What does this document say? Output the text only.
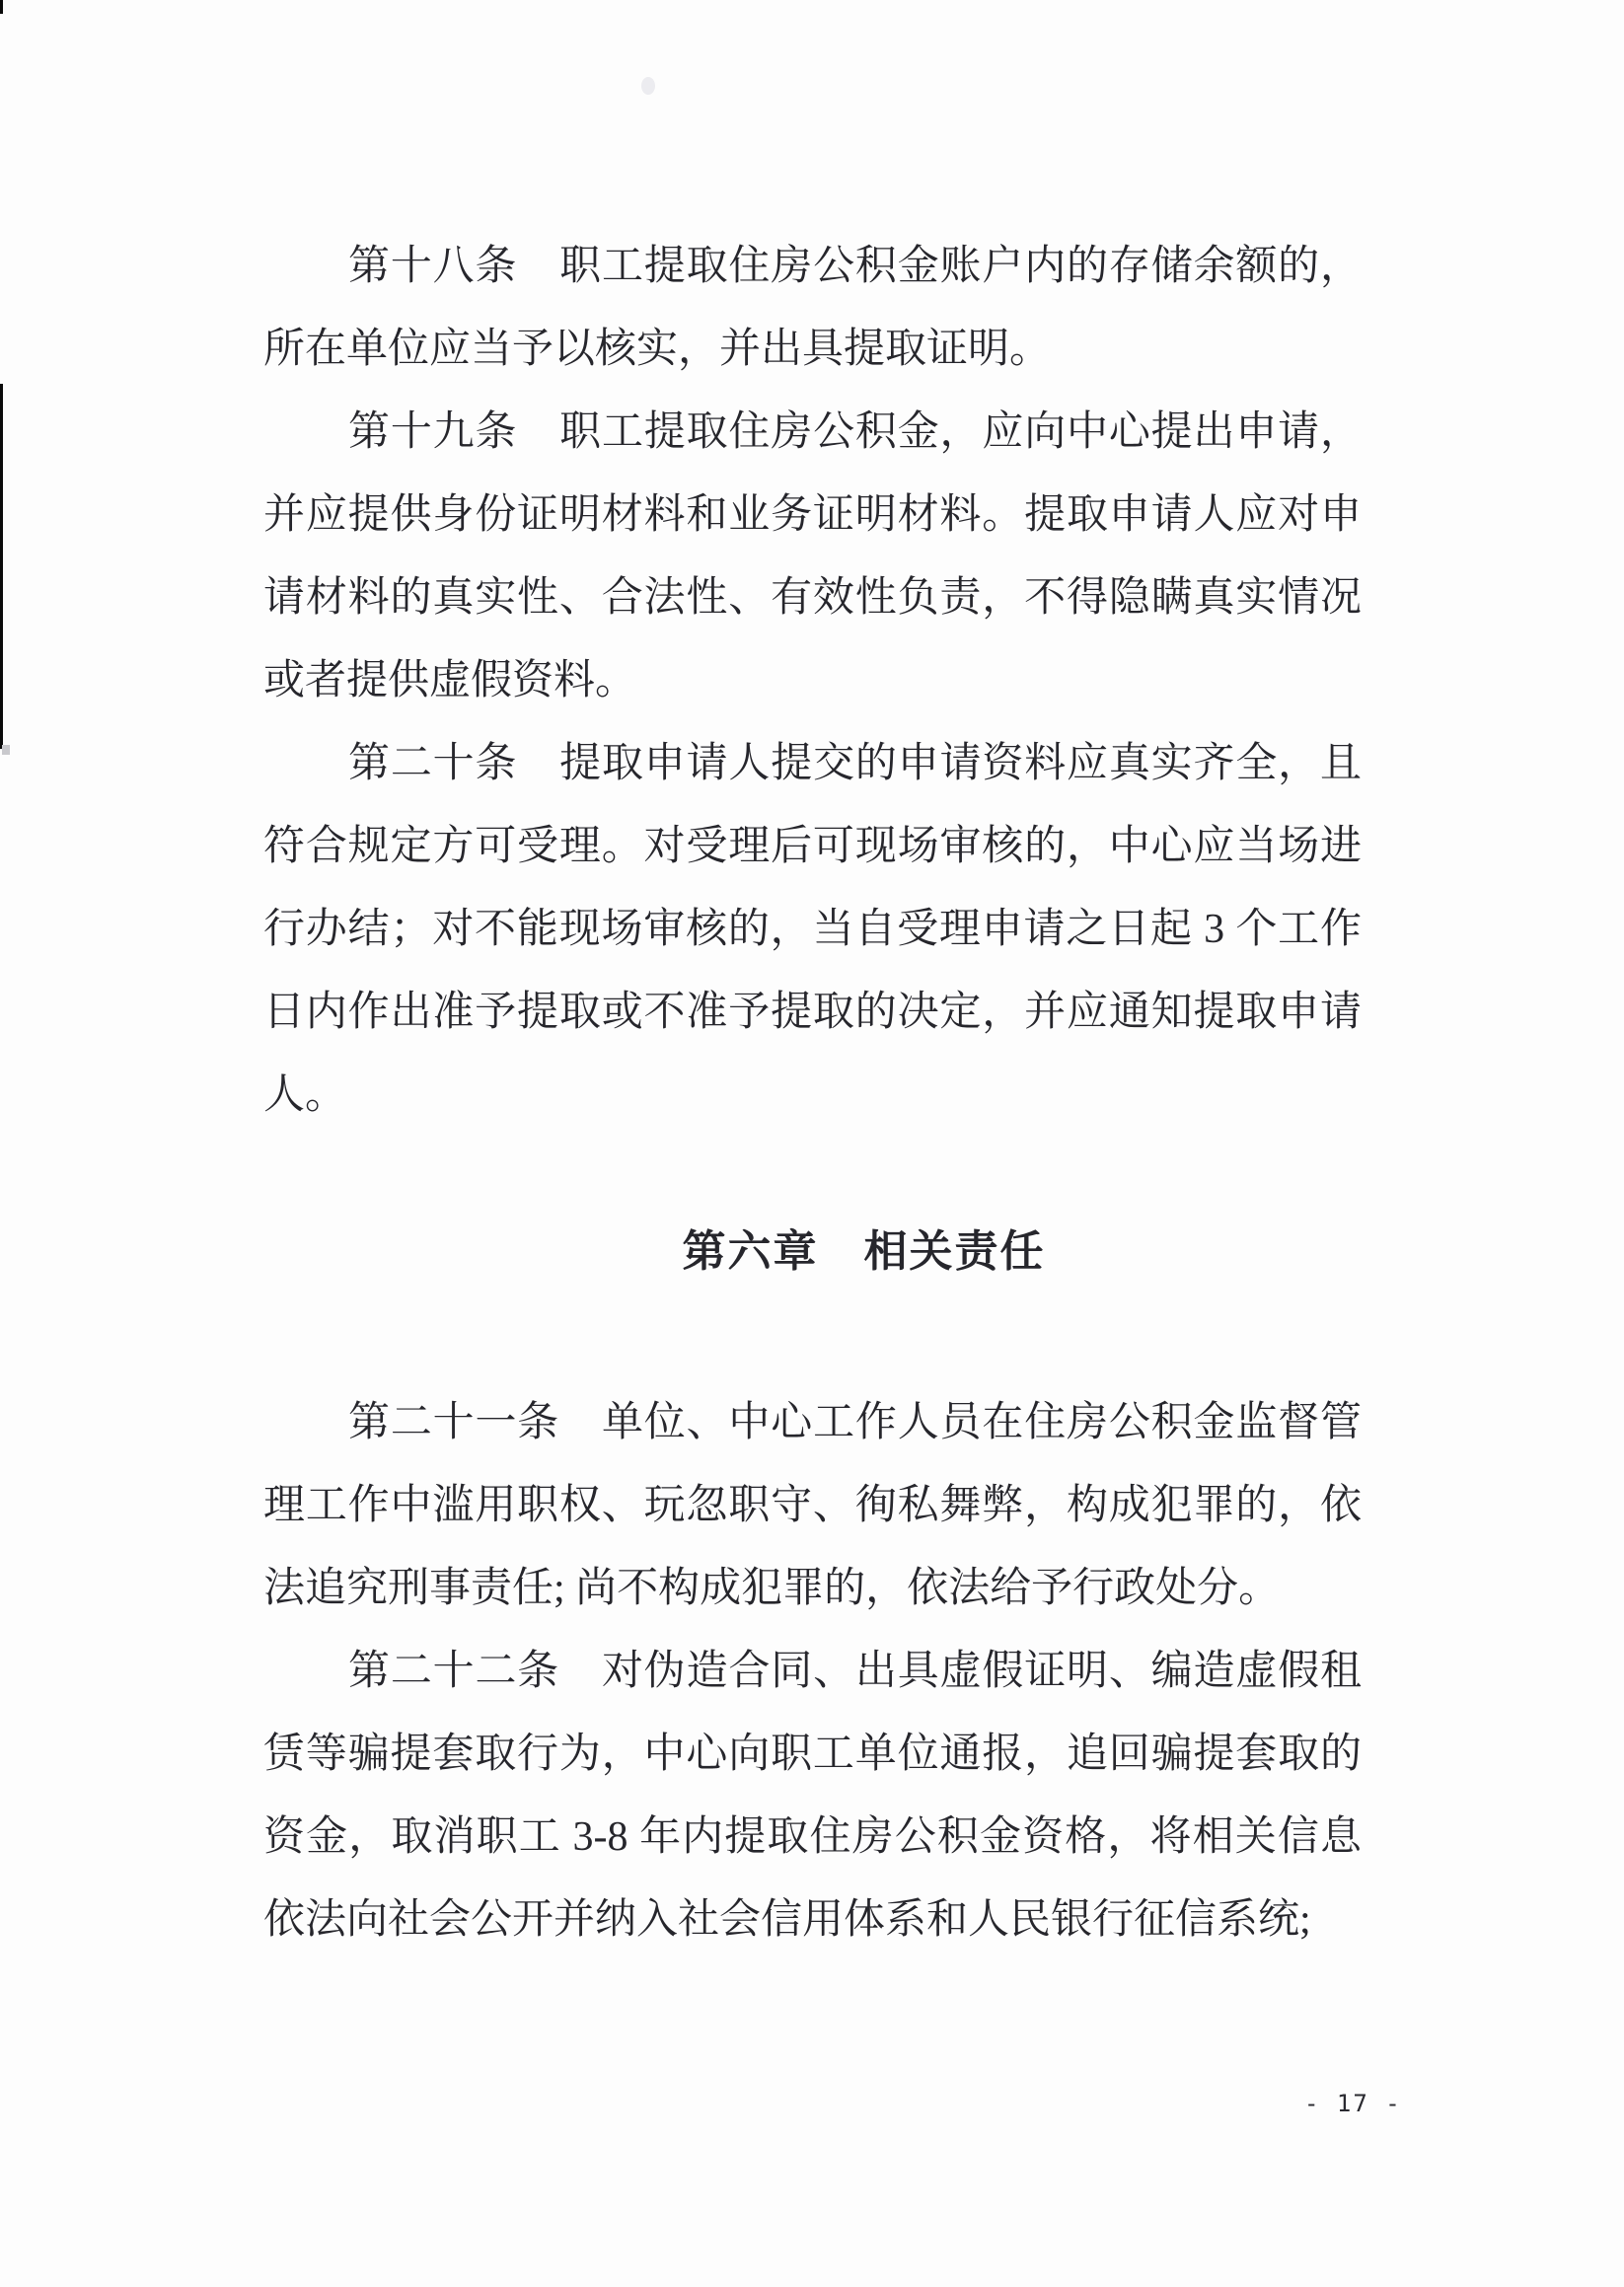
第十八条　职工提取住房公积金账户内的存储余额的，所在单位应当予以核实，并出具提取证明。

第十九条　职工提取住房公积金，应向中心提出申请，并应提供身份证明材料和业务证明材料。提取申请人应对申请材料的真实性、合法性、有效性负责，不得隐瞒真实情况或者提供虚假资料。

第二十条　提取申请人提交的申请资料应真实齐全，且符合规定方可受理。对受理后可现场审核的，中心应当场进行办结；对不能现场审核的，当自受理申请之日起 3 个工作日内作出准予提取或不准予提取的决定，并应通知提取申请人。

第六章　相关责任

第二十一条　单位、中心工作人员在住房公积金监督管理工作中滥用职权、玩忽职守、徇私舞弊，构成犯罪的，依法追究刑事责任; 尚不构成犯罪的，依法给予行政处分。

第二十二条　对伪造合同、出具虚假证明、编造虚假租赁等骗提套取行为，中心向职工单位通报，追回骗提套取的资金，取消职工 3-8 年内提取住房公积金资格，将相关信息依法向社会公开并纳入社会信用体系和人民银行征信系统;

- 17 -
